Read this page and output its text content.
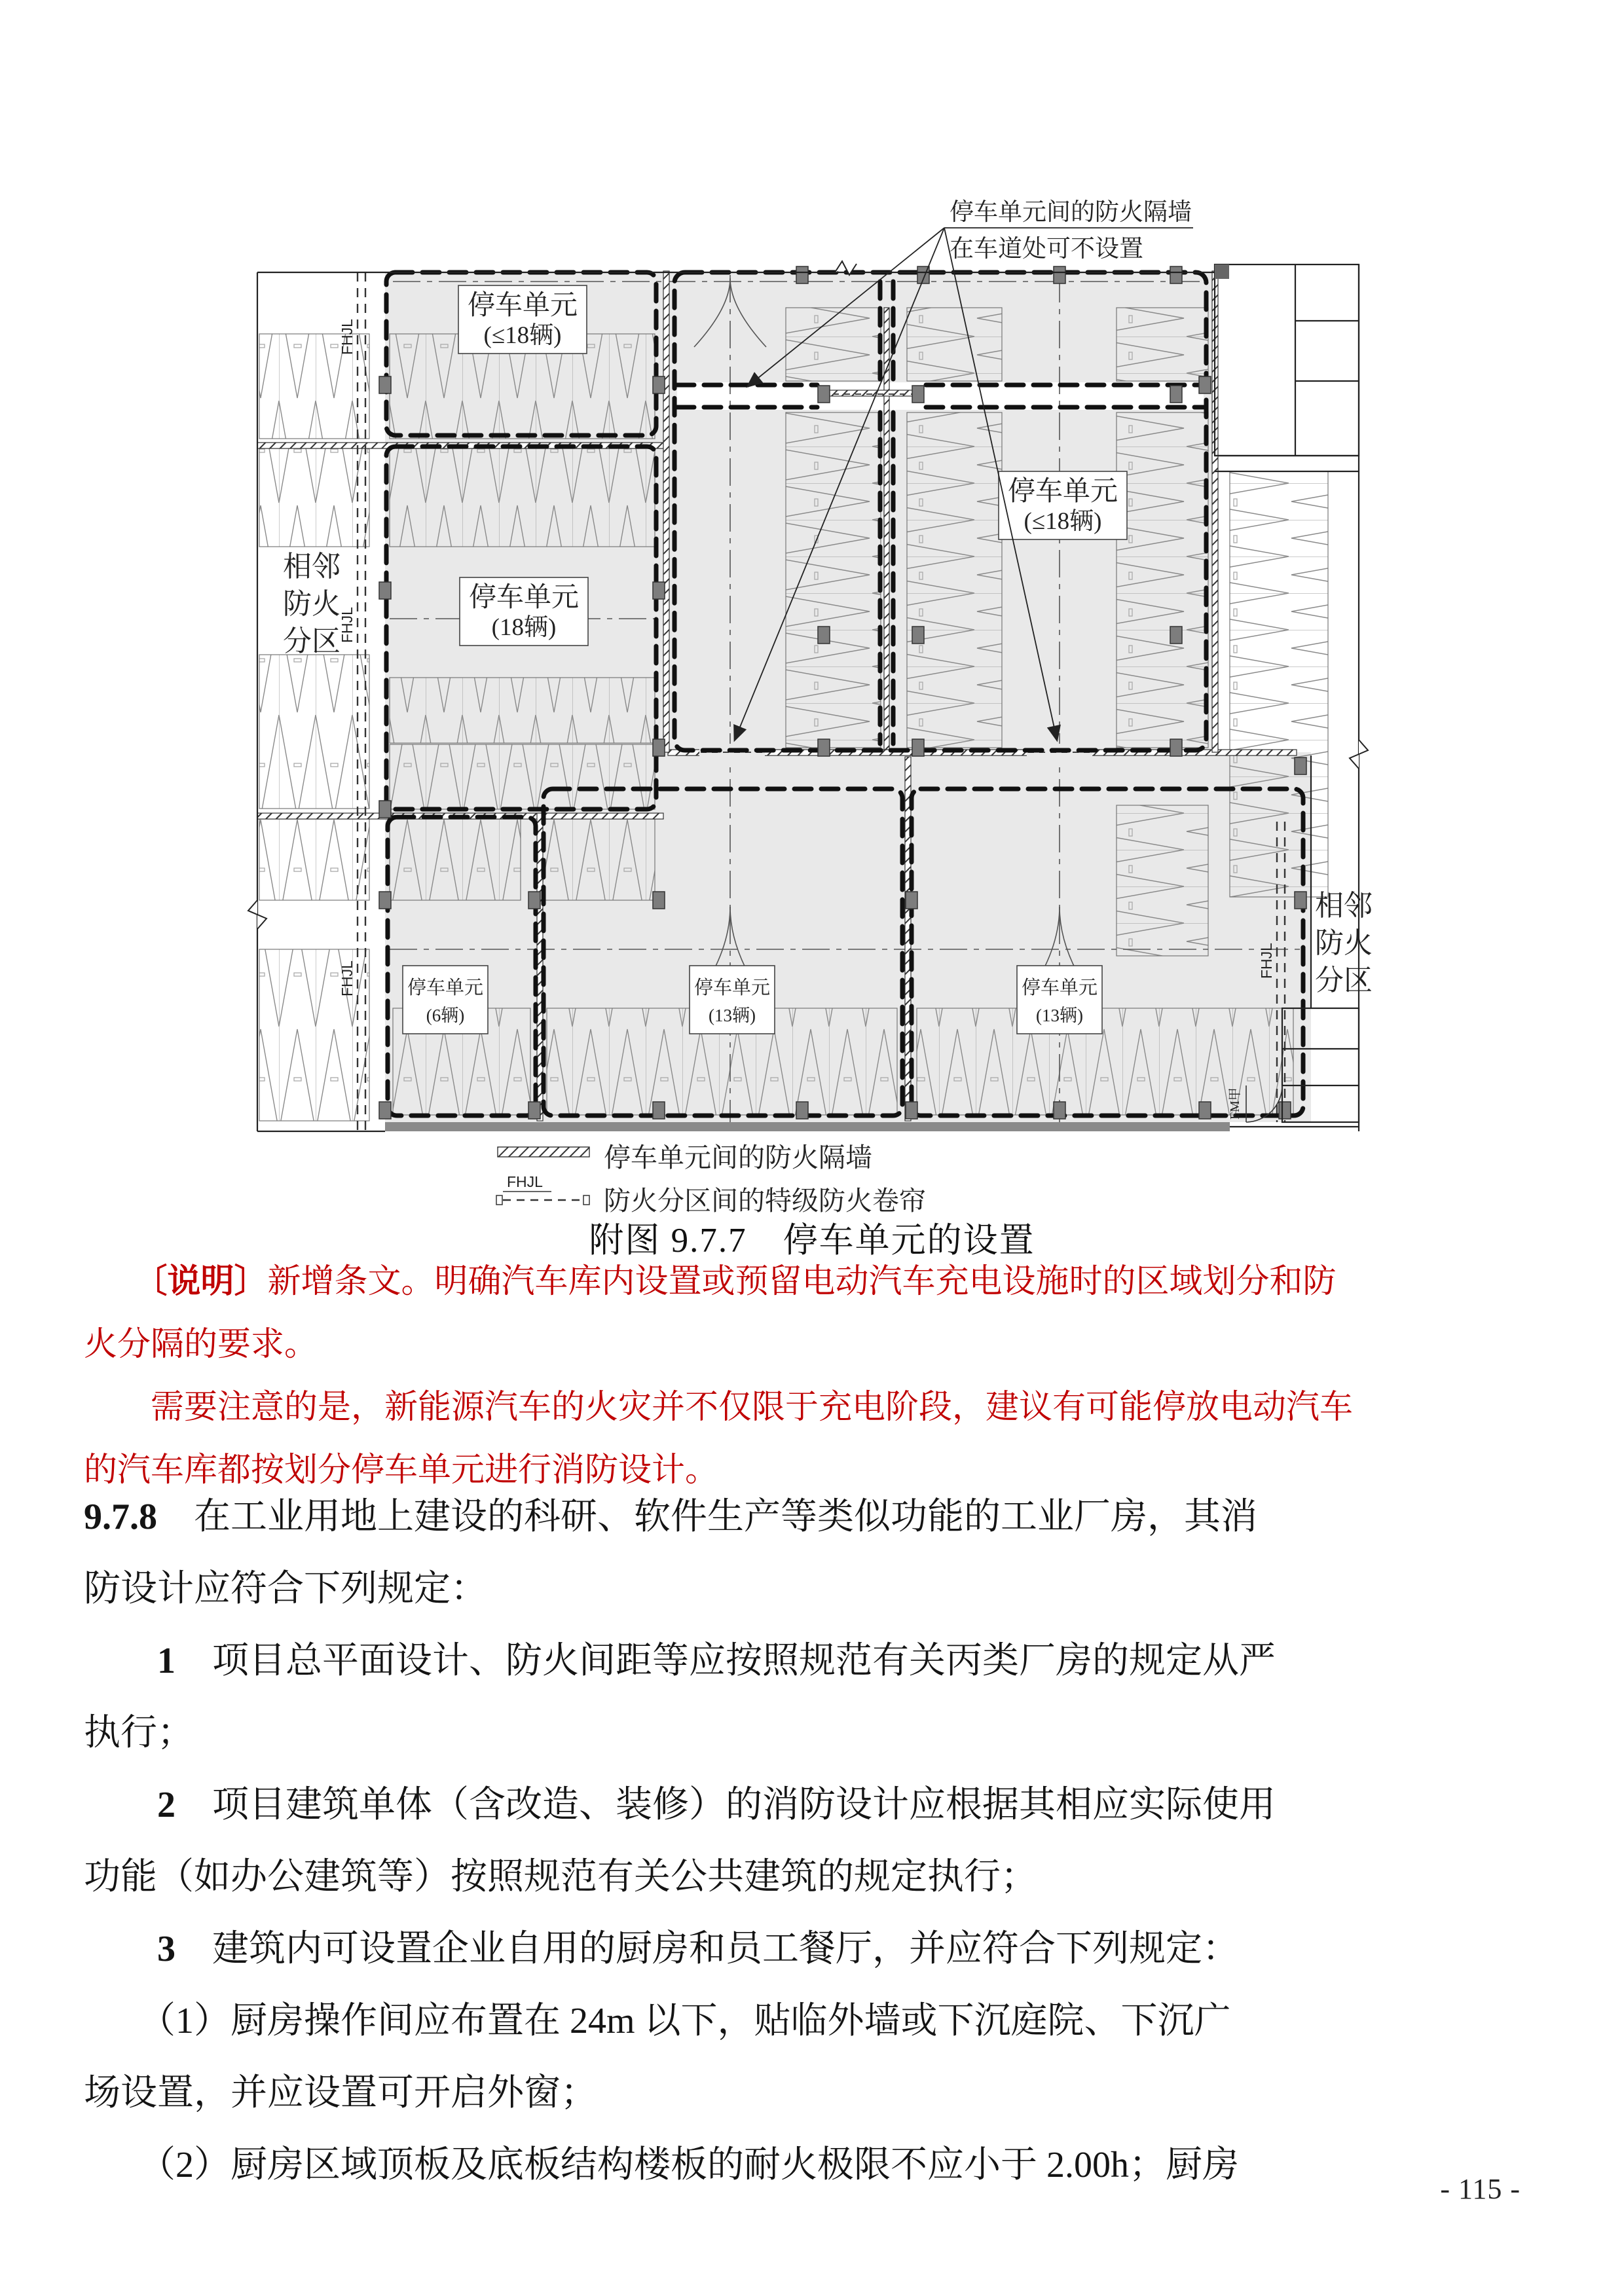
FHJL
FHJL
FHJL	FHJL
FM甲
停车单元
(≤18辆)
停车单元
(18辆)
停车单元
(≤18辆)
停车单元
(6辆)
停车单元
(13辆)
停车单元
(13辆)
相邻
防火
分区
相邻
防火
分区
停车单元间的防火隔墙
在车道处可不设置
停车单元间的防火隔墙
FHJL
防火分区间的特级防火卷帘
附图 9.7.7　停车单元的设置
　　〔说明〕新增条文。明确汽车库内设置或预留电动汽车充电设施时的区域划分和防
火分隔的要求。
　　需要注意的是，新能源汽车的火灾并不仅限于充电阶段，建议有可能停放电动汽车
的汽车库都按划分停车单元进行消防设计。
9.7.8　在工业用地上建设的科研、软件生产等类似功能的工业厂房，其消
防设计应符合下列规定：
　　1　项目总平面设计、防火间距等应按照规范有关丙类厂房的规定从严
执行；
　　2　项目建筑单体（含改造、装修）的消防设计应根据其相应实际使用
功能（如办公建筑等）按照规范有关公共建筑的规定执行；
　　3　建筑内可设置企业自用的厨房和员工餐厅，并应符合下列规定：
　　（1）厨房操作间应布置在 24m 以下，贴临外墙或下沉庭院、下沉广
场设置，并应设置可开启外窗；
　　（2）厨房区域顶板及底板结构楼板的耐火极限不应小于 2.00h；厨房
- 115 -
